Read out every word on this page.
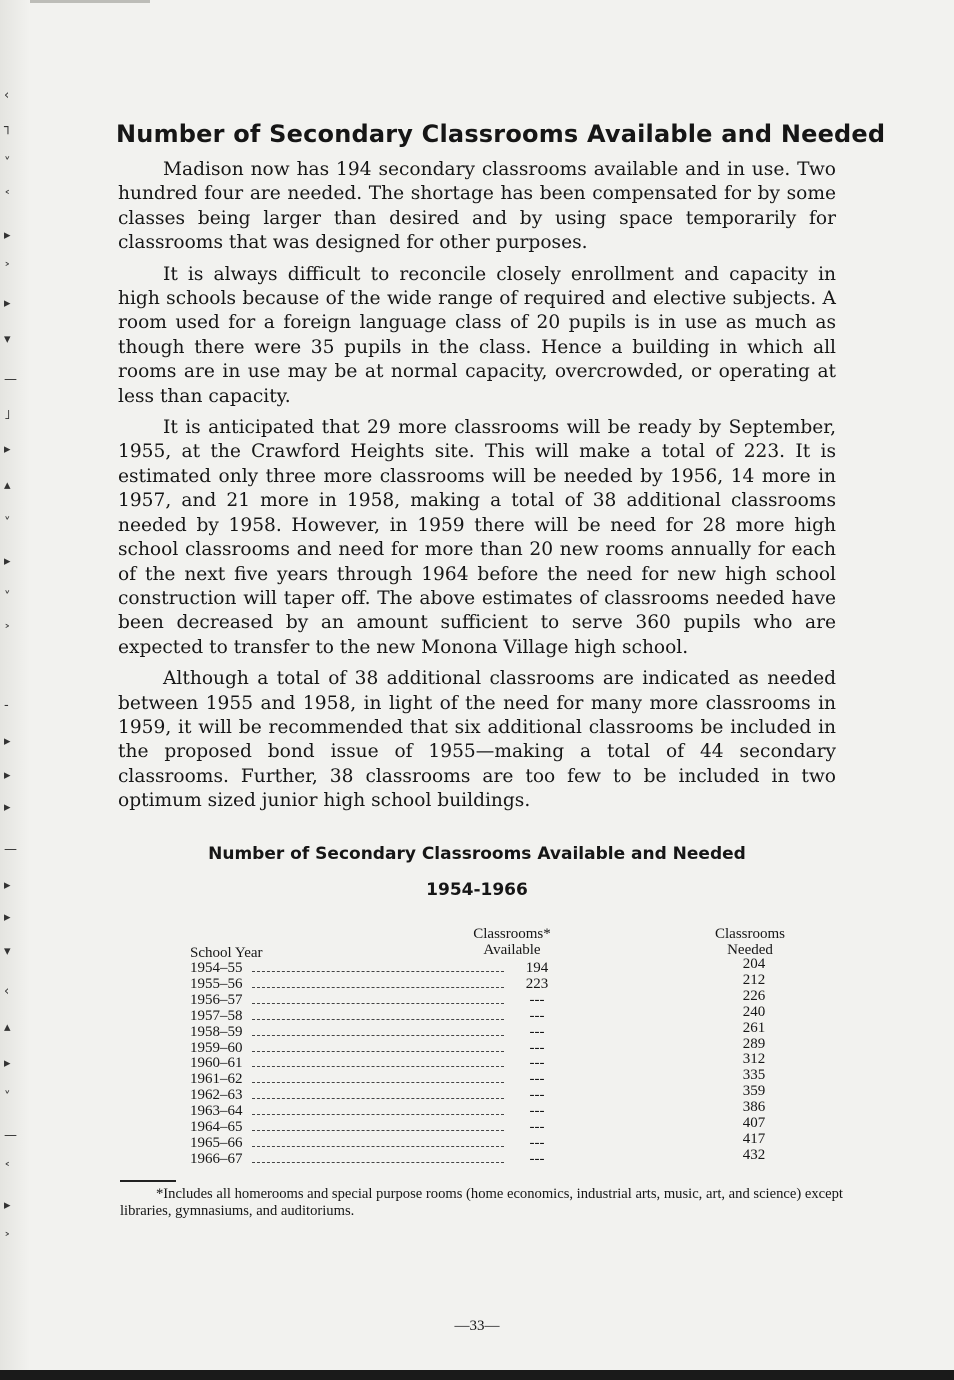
‹
┐
˅
˂
▸
˃
▸
▾
—
˩
▸
▴
˅
▸
˅
˃
‐
▸
▸
▸
—
▸
▸
▾
‹
▴
▸
˅
—
˂
▸
˃
Number of Secondary Classrooms Available and Needed

Madison now has 194 secondary classrooms available and in use. Two hundred four are needed. The shortage has been compensated for by some classes being larger than desired and by using space temporarily for classrooms that was designed for other purposes.

It is always difficult to reconcile closely enrollment and capacity in high schools because of the wide range of required and elective subjects. A room used for a foreign language class of 20 pupils is in use as much as though there were 35 pupils in the class. Hence a building in which all rooms are in use may be at normal capacity, overcrowded, or operating at less than capacity.

It is anticipated that 29 more classrooms will be ready by September, 1955, at the Crawford Heights site. This will make a total of 223. It is estimated only three more classrooms will be needed by 1956, 14 more in 1957, and 21 more in 1958, making a total of 38 additional classrooms needed by 1958. However, in 1959 there will be need for 28 more high school classrooms and need for more than 20 new rooms annually for each of the next five years through 1964 before the need for new high school construction will taper off. The above estimates of classrooms needed have been decreased by an amount sufficient to serve 360 pupils who are expected to transfer to the new Monona Village high school.

Although a total of 38 additional classrooms are indicated as needed between 1955 and 1958, in light of the need for many more classrooms in 1959, it will be recommended that six additional classrooms be included in the proposed bond issue of 1955—making a total of 44 secondary classrooms. Further, 38 classrooms are too few to be included in two optimum sized junior high school buildings.

Number of Secondary Classrooms Available and Needed
1954-1966
School Year
Classrooms*
Available
Classrooms
Needed
1954–55	194	204
1955–56	223	212
1956–57	---	226
1957–58	---	240
1958–59	---	261
1959–60	---	289
1960–61	---	312
1961–62	---	335
1962–63	---	359
1963–64	---	386
1964–65	---	407
1965–66	---	417
1966–67	---	432
*Includes all homerooms and special purpose rooms (home economics, industrial arts, music, art, and science) except libraries, gymnasiums, and auditoriums.
—33—
